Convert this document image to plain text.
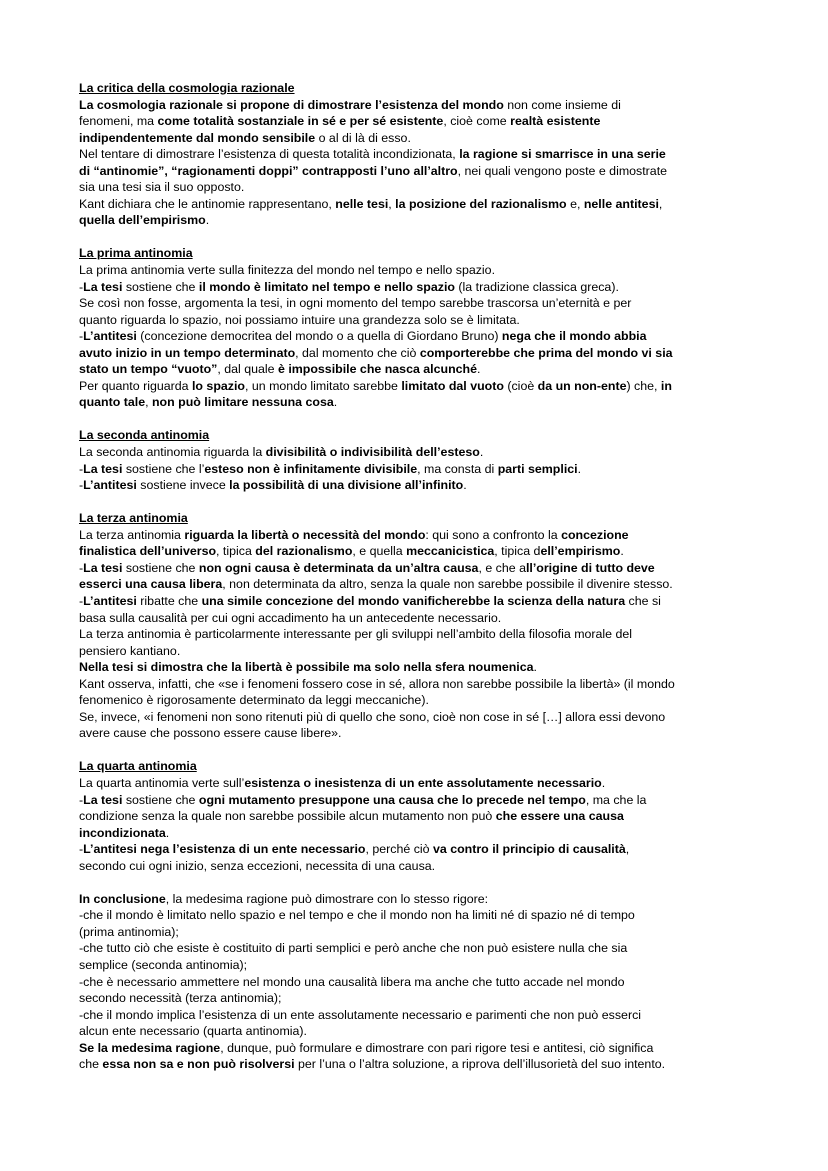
La critica della cosmologia razionale
La cosmologia razionale si propone di dimostrare l’esistenza del mondo non come insieme di
fenomeni, ma come totalità sostanziale in sé e per sé esistente, cioè come realtà esistente
indipendentemente dal mondo sensibile o al di là di esso.
Nel tentare di dimostrare l’esistenza di questa totalità incondizionata, la ragione si smarrisce in una serie
di “antinomie”, “ragionamenti doppi” contrapposti l’uno all’altro, nei quali vengono poste e dimostrate
sia una tesi sia il suo opposto.
Kant dichiara che le antinomie rappresentano, nelle tesi, la posizione del razionalismo e, nelle antitesi,
quella dell’empirismo.
La prima antinomia
La prima antinomia verte sulla finitezza del mondo nel tempo e nello spazio.
-La tesi sostiene che il mondo è limitato nel tempo e nello spazio (la tradizione classica greca).
Se così non fosse, argomenta la tesi, in ogni momento del tempo sarebbe trascorsa un’eternità e per
quanto riguarda lo spazio, noi possiamo intuire una grandezza solo se è limitata.
-L’antitesi (concezione democritea del mondo o a quella di Giordano Bruno) nega che il mondo abbia
avuto inizio in un tempo determinato, dal momento che ciò comporterebbe che prima del mondo vi sia
stato un tempo “vuoto”, dal quale è impossibile che nasca alcunché.
Per quanto riguarda lo spazio, un mondo limitato sarebbe limitato dal vuoto (cioè da un non-ente) che, in
quanto tale, non può limitare nessuna cosa.
La seconda antinomia
La seconda antinomia riguarda la divisibilità o indivisibilità dell’esteso.
-La tesi sostiene che l’esteso non è infinitamente divisibile, ma consta di parti semplici.
-L’antitesi sostiene invece la possibilità di una divisione all’infinito.
La terza antinomia
La terza antinomia riguarda la libertà o necessità del mondo: qui sono a confronto la concezione
finalistica dell’universo, tipica del razionalismo, e quella meccanicistica, tipica dell’empirismo.
-La tesi sostiene che non ogni causa è determinata da un’altra causa, e che all’origine di tutto deve
esserci una causa libera, non determinata da altro, senza la quale non sarebbe possibile il divenire stesso.
-L’antitesi ribatte che una simile concezione del mondo vanificherebbe la scienza della natura che si
basa sulla causalità per cui ogni accadimento ha un antecedente necessario.
La terza antinomia è particolarmente interessante per gli sviluppi nell’ambito della filosofia morale del
pensiero kantiano.
Nella tesi si dimostra che la libertà è possibile ma solo nella sfera noumenica.
Kant osserva, infatti, che «se i fenomeni fossero cose in sé, allora non sarebbe possibile la libertà» (il mondo
fenomenico è rigorosamente determinato da leggi meccaniche).
Se, invece, «i fenomeni non sono ritenuti più di quello che sono, cioè non cose in sé […] allora essi devono
avere cause che possono essere cause libere».
La quarta antinomia
La quarta antinomia verte sull’esistenza o inesistenza di un ente assolutamente necessario.
-La tesi sostiene che ogni mutamento presuppone una causa che lo precede nel tempo, ma che la
condizione senza la quale non sarebbe possibile alcun mutamento non può che essere una causa
incondizionata.
-L’antitesi nega l’esistenza di un ente necessario, perché ciò va contro il principio di causalità,
secondo cui ogni inizio, senza eccezioni, necessita di una causa.
In conclusione, la medesima ragione può dimostrare con lo stesso rigore:
-che il mondo è limitato nello spazio e nel tempo e che il mondo non ha limiti né di spazio né di tempo
(prima antinomia);
-che tutto ciò che esiste è costituito di parti semplici e però anche che non può esistere nulla che sia
semplice (seconda antinomia);
-che è necessario ammettere nel mondo una causalità libera ma anche che tutto accade nel mondo
secondo necessità (terza antinomia);
-che il mondo implica l’esistenza di un ente assolutamente necessario e parimenti che non può esserci
alcun ente necessario (quarta antinomia).
Se la medesima ragione, dunque, può formulare e dimostrare con pari rigore tesi e antitesi, ciò significa
che essa non sa e non può risolversi per l’una o l’altra soluzione, a riprova dell’illusorietà del suo intento.
